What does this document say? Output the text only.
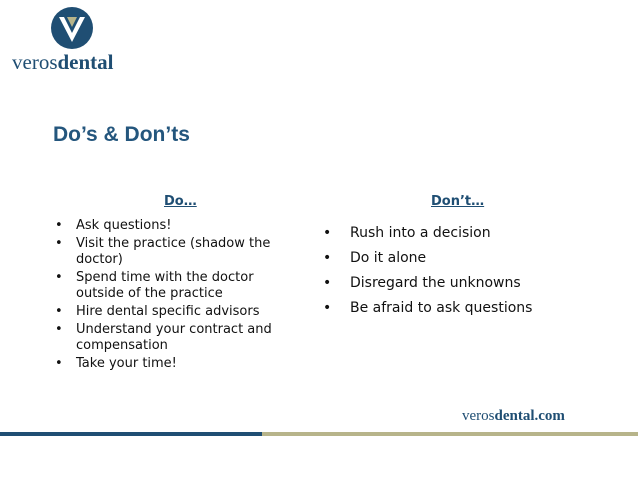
verosdental
Do’s & Don’ts
Do…	Don’t…
• Ask questions!
• Visit the practice (shadow the doctor)
• Spend time with the doctor outside of the practice
• Hire dental specific advisors
• Understand your contract and compensation
• Take your time!
• Rush into a decision
• Do it alone
• Disregard the unknowns
• Be afraid to ask questions
verosdental.com
